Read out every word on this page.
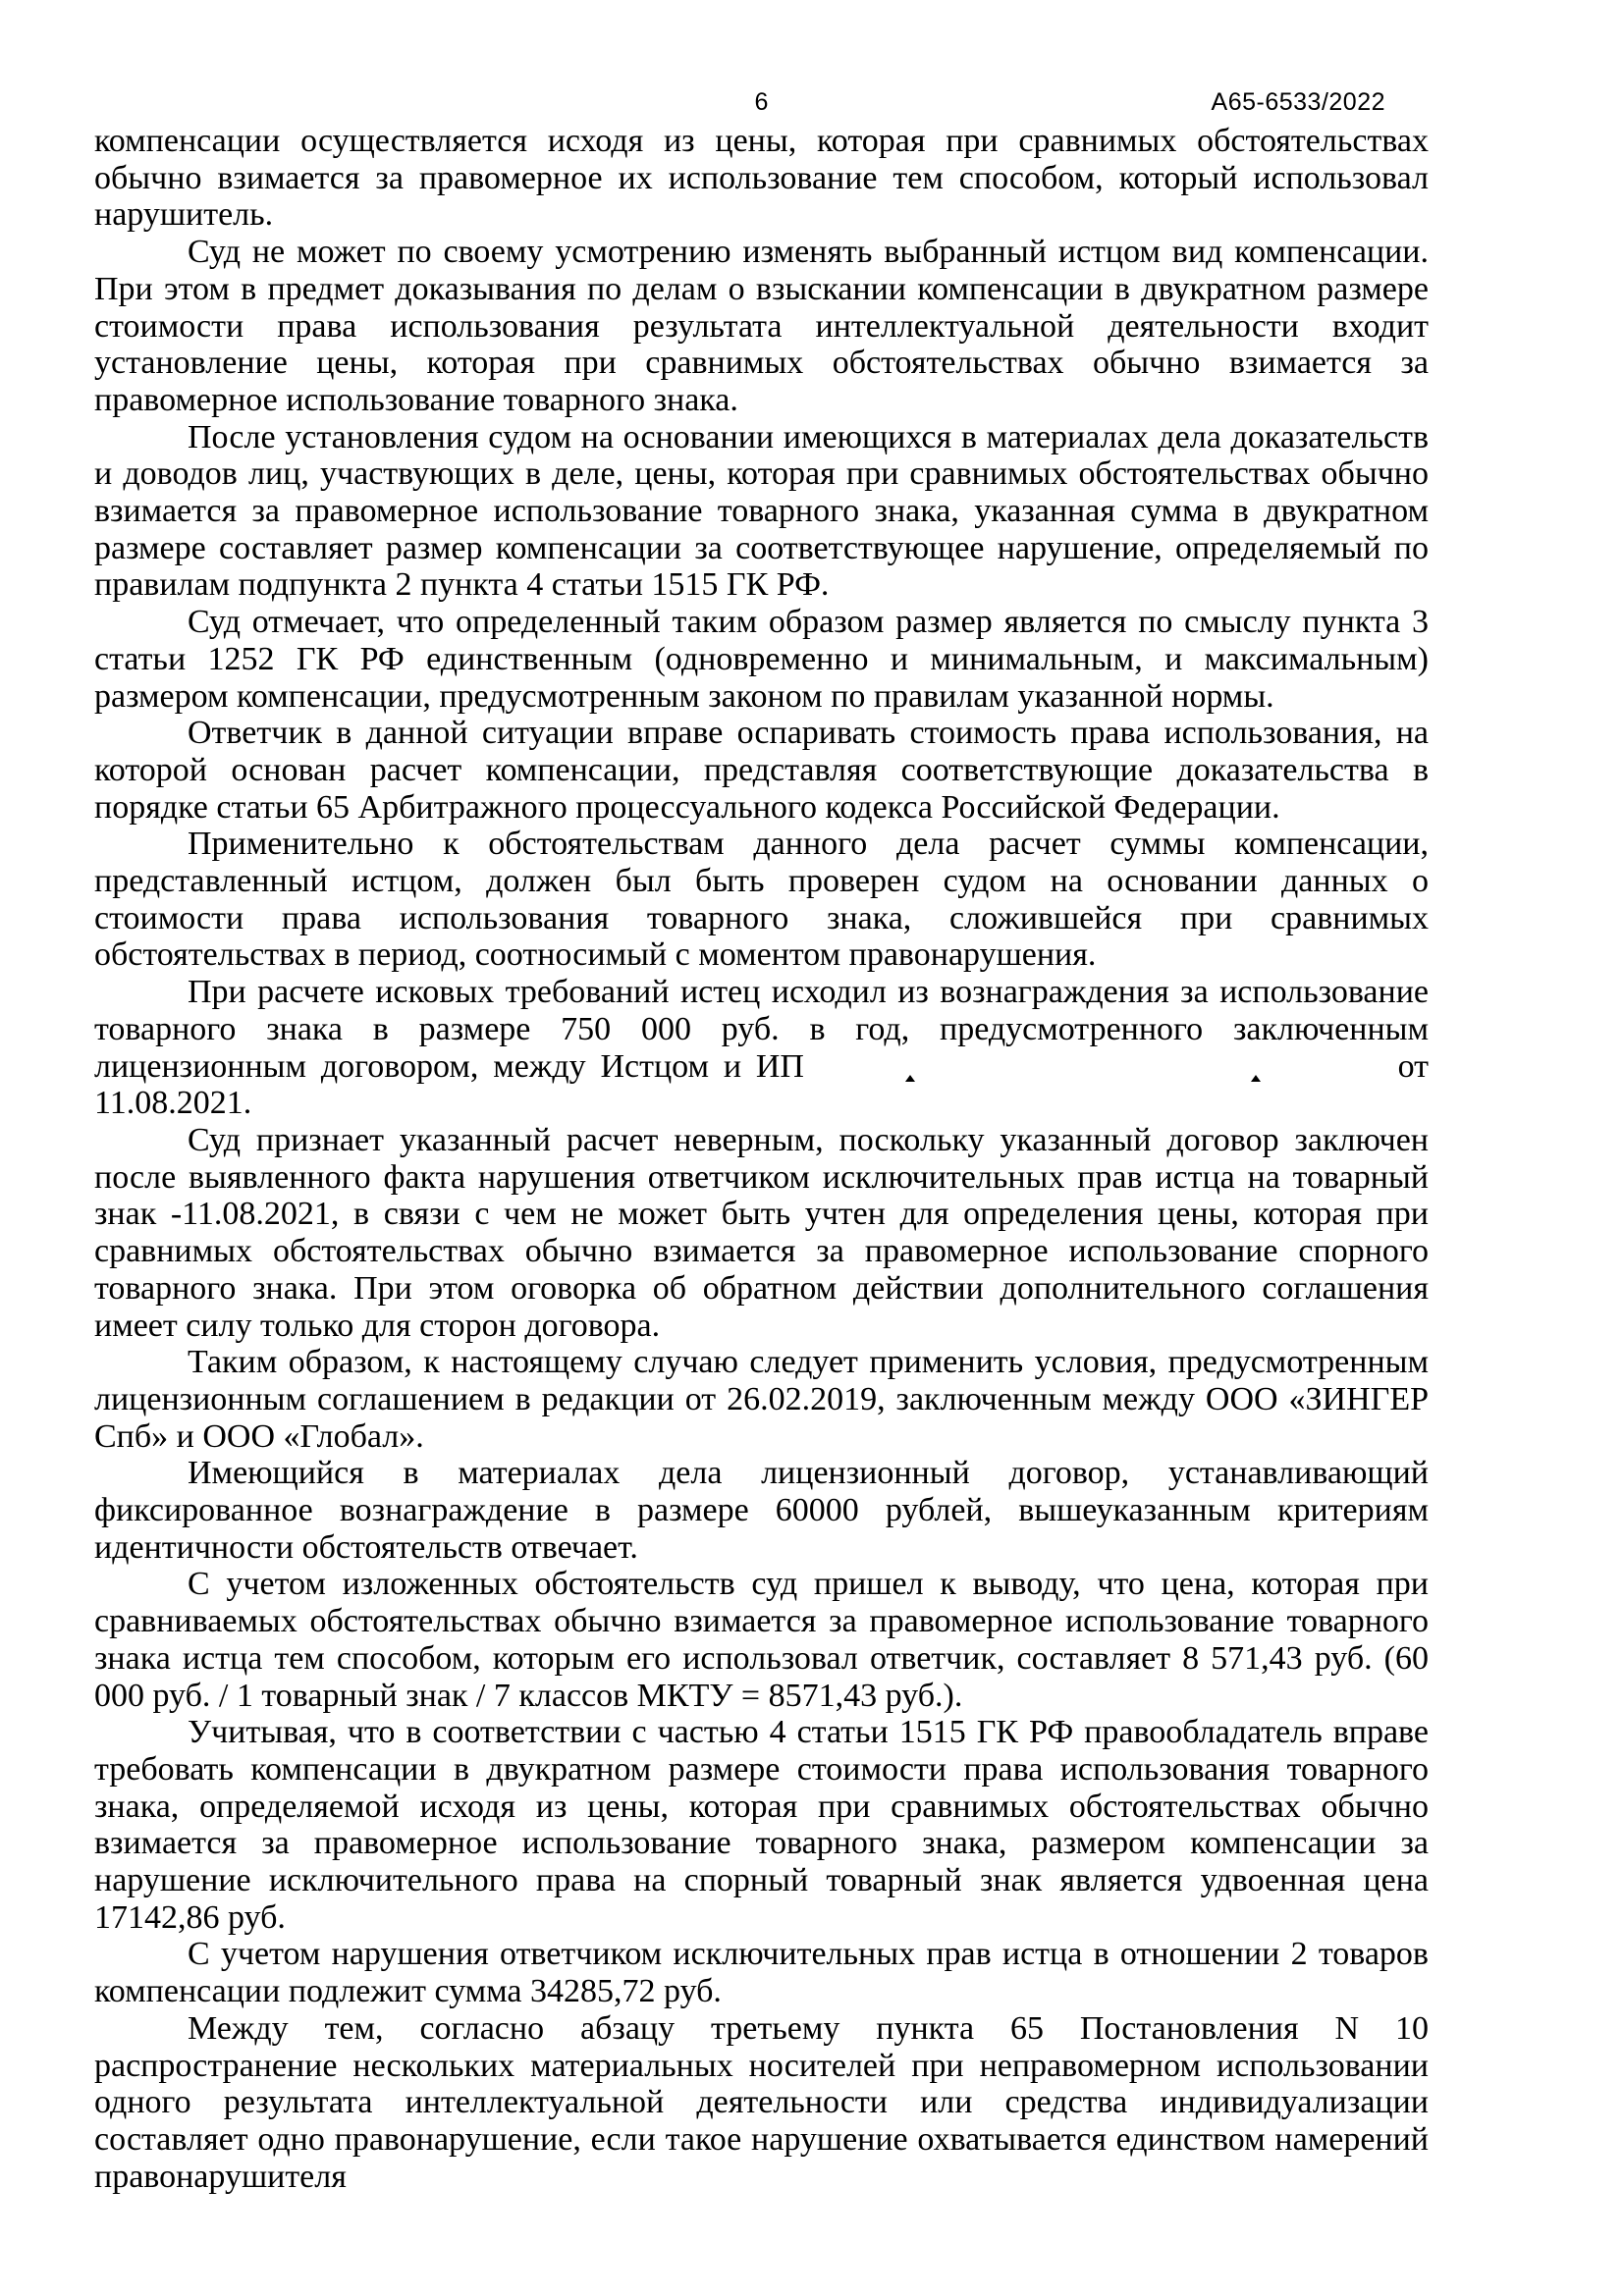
6	А65-6533/2022

компенсации осуществляется исходя из цены, которая при сравнимых обстоятельствах обычно взимается за правомерное их использование тем способом, который использовал нарушитель.

Суд не может по своему усмотрению изменять выбранный истцом вид компенсации. При этом в предмет доказывания по делам о взыскании компенсации в двукратном размере стоимости права использования результата интеллектуальной деятельности входит установление цены, которая при сравнимых обстоятельствах обычно взимается за правомерное использование товарного знака.

После установления судом на основании имеющихся в материалах дела доказательств и доводов лиц, участвующих в деле, цены, которая при сравнимых обстоятельствах обычно взимается за правомерное использование товарного знака, указанная сумма в двукратном размере составляет размер компенсации за соответствующее нарушение, определяемый по правилам подпункта 2 пункта 4 статьи 1515 ГК РФ.

Суд отмечает, что определенный таким образом размер является по смыслу пункта 3 статьи 1252 ГК РФ единственным (одновременно и минимальным, и максимальным) размером компенсации, предусмотренным законом по правилам указанной нормы.

Ответчик в данной ситуации вправе оспаривать стоимость права использования, на которой основан расчет компенсации, представляя соответствующие доказательства в порядке статьи 65 Арбитражного процессуального кодекса Российской Федерации.

Применительно к обстоятельствам данного дела расчет суммы компенсации, представленный истцом, должен был быть проверен судом на основании данных о стоимости права использования товарного знака, сложившейся при сравнимых обстоятельствах в период, соотносимый с моментом правонарушения.

При расчете исковых требований истец исходил из вознаграждения за использование товарного знака в размере 750 000 руб. в год, предусмотренного заключенным лицензионным договором, между Истцом и ИП	от 11.08.2021.

Суд признает указанный расчет неверным, поскольку указанный договор заключен после выявленного факта нарушения ответчиком исключительных прав истца на товарный знак -11.08.2021, в связи с чем не может быть учтен для определения цены, которая при сравнимых обстоятельствах обычно взимается за правомерное использование спорного товарного знака. При этом оговорка об обратном действии дополнительного соглашения имеет силу только для сторон договора.

Таким образом, к настоящему случаю следует применить условия, предусмотренным лицензионным соглашением в редакции от 26.02.2019, заключенным между ООО «ЗИНГЕР Спб» и ООО «Глобал».

Имеющийся в материалах дела лицензионный договор, устанавливающий фиксированное вознаграждение в размере 60000 рублей, вышеуказанным критериям идентичности обстоятельств отвечает.

С учетом изложенных обстоятельств суд пришел к выводу, что цена, которая при сравниваемых обстоятельствах обычно взимается за правомерное использование товарного знака истца тем способом, которым его использовал ответчик, составляет 8 571,43 руб. (60 000 руб. / 1 товарный знак / 7 классов МКТУ = 8571,43 руб.).

Учитывая, что в соответствии с частью 4 статьи 1515 ГК РФ правообладатель вправе требовать компенсации в двукратном размере стоимости права использования товарного знака, определяемой исходя из цены, которая при сравнимых обстоятельствах обычно взимается за правомерное использование товарного знака, размером компенсации за нарушение исключительного права на спорный товарный знак является удвоенная цена 17142,86 руб.

С учетом нарушения ответчиком исключительных прав истца в отношении 2 товаров компенсации подлежит сумма 34285,72 руб.

Между тем, согласно абзацу третьему пункта 65 Постановления N 10 распространение нескольких материальных носителей при неправомерном использовании одного результата интеллектуальной деятельности или средства индивидуализации составляет одно правонарушение, если такое нарушение охватывается единством намерений правонарушителя
